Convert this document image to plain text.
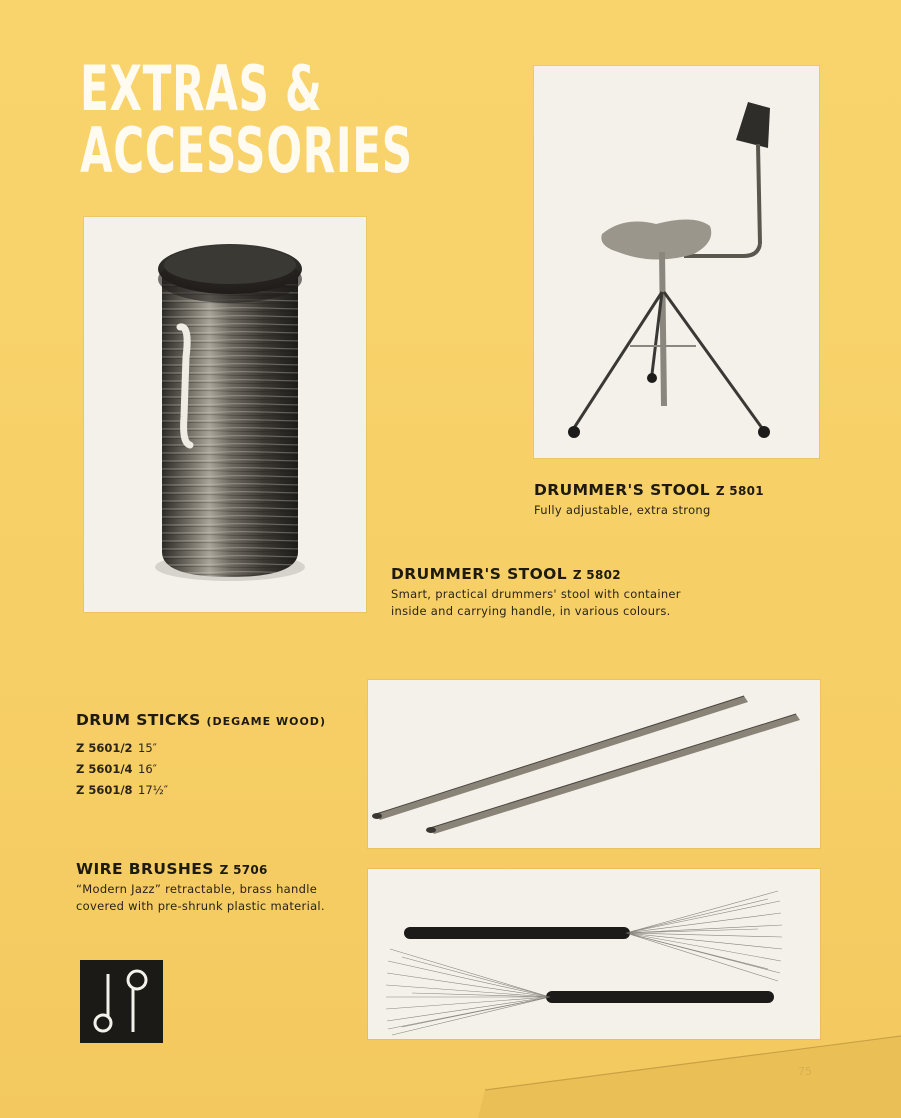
EXTRAS &
ACCESSORIES
DRUMMER'S STOOL Z 5801
Fully adjustable, extra strong
DRUMMER'S STOOL Z 5802
Smart, practical drummers' stool with container
inside and carrying handle, in various colours.
DRUM STICKS (DEGAME WOOD)
Z 5601/2 15″
Z 5601/4 16″
Z 5601/8 17½″
WIRE BRUSHES Z 5706
“Modern Jazz” retractable, brass handle
covered with pre-shrunk plastic material.
